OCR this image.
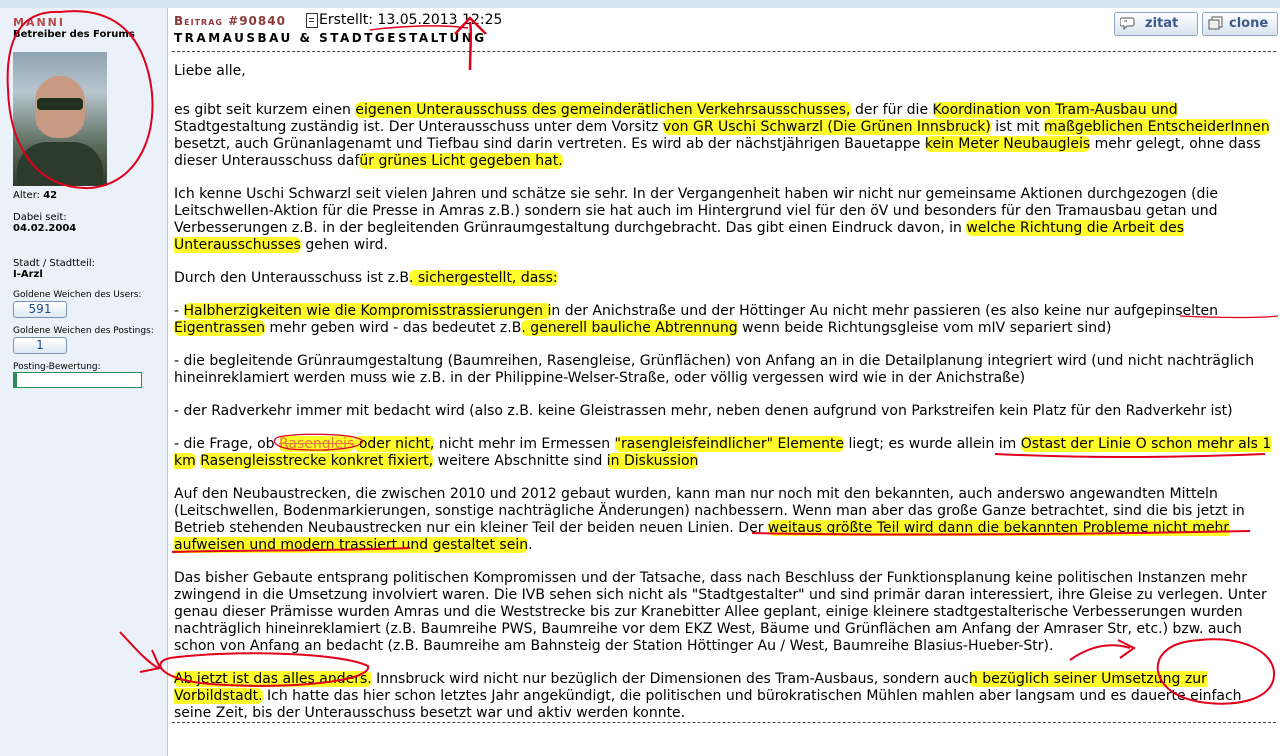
MANNI
Betreiber des Forums
Alter: 42
Dabei seit:
04.02.2004
Stadt / Stadtteil:
I-Arzl
Goldene Weichen des Users:
591
Goldene Weichen des Postings:
1
Posting-Bewertung:
Beitrag #90840 Erstellt: 13.05.2013 12:25
TRAMAUSBAU & STADTGESTALTUNG
" zitat	clone

Liebe alle,

es gibt seit kurzem einen eigenen Unterausschuss des gemeinderätlichen Verkehrsausschusses, der für die Koordination von Tram-Ausbau und Stadtgestaltung zuständig ist. Der Unterausschuss unter dem Vorsitz von GR Uschi Schwarzl (Die Grünen Innsbruck) ist mit maßgeblichen EntscheiderInnen besetzt, auch Grünanlagenamt und Tiefbau sind darin vertreten. Es wird ab der nächstjährigen Bauetappe kein Meter Neubaugleis mehr gelegt, ohne dass dieser Unterausschuss dafür grünes Licht gegeben hat.

Ich kenne Uschi Schwarzl seit vielen Jahren und schätze sie sehr. In der Vergangenheit haben wir nicht nur gemeinsame Aktionen durchgezogen (die Leitschwellen-Aktion für die Presse in Amras z.B.) sondern sie hat auch im Hintergrund viel für den öV und besonders für den Tramausbau getan und Verbesserungen z.B. in der begleitenden Grünraumgestaltung durchgebracht. Das gibt einen Eindruck davon, in welche Richtung die Arbeit des Unterausschusses gehen wird.

Durch den Unterausschuss ist z.B. sichergestellt, dass:

- Halbherzigkeiten wie die Kompromisstrassierungen in der Anichstraße und der Höttinger Au nicht mehr passieren (es also keine nur aufgepinselten Eigentrassen mehr geben wird - das bedeutet z.B. generell bauliche Abtrennung wenn beide Richtungsgleise vom mIV separiert sind)

- die begleitende Grünraumgestaltung (Baumreihen, Rasengleise, Grünflächen) von Anfang an in die Detailplanung integriert wird (und nicht nachträglich hineinreklamiert werden muss wie z.B. in der Philippine-Welser-Straße, oder völlig vergessen wird wie in der Anichstraße)

- der Radverkehr immer mit bedacht wird (also z.B. keine Gleistrassen mehr, neben denen aufgrund von Parkstreifen kein Platz für den Radverkehr ist)

- die Frage, ob Rasengleis oder nicht, nicht mehr im Ermessen "rasengleisfeindlicher" Elemente liegt; es wurde allein im Ostast der Linie O schon mehr als 1 km Rasengleisstrecke konkret fixiert, weitere Abschnitte sind in Diskussion

Auf den Neubaustrecken, die zwischen 2010 und 2012 gebaut wurden, kann man nur noch mit den bekannten, auch anderswo angewandten Mitteln (Leitschwellen, Bodenmarkierungen, sonstige nachträgliche Änderungen) nachbessern. Wenn man aber das große Ganze betrachtet, sind die bis jetzt in Betrieb stehenden Neubaustrecken nur ein kleiner Teil der beiden neuen Linien. Der weitaus größte Teil wird dann die bekannten Probleme nicht mehr aufweisen und modern trassiert und gestaltet sein.

Das bisher Gebaute entsprang politischen Kompromissen und der Tatsache, dass nach Beschluss der Funktionsplanung keine politischen Instanzen mehr zwingend in die Umsetzung involviert waren. Die IVB sehen sich nicht als "Stadtgestalter" und sind primär daran interessiert, ihre Gleise zu verlegen. Unter genau dieser Prämisse wurden Amras und die Weststrecke bis zur Kranebitter Allee geplant, einige kleinere stadtgestalterische Verbesserungen wurden nachträglich hineinreklamiert (z.B. Baumreihe PWS, Baumreihe vor dem EKZ West, Bäume und Grünflächen am Anfang der Amraser Str, etc.) bzw. auch schon von Anfang an bedacht (z.B. Baumreihe am Bahnsteig der Station Höttinger Au / West, Baumreihe Blasius-Hueber-Str).

Ab jetzt ist das alles anders. Innsbruck wird nicht nur bezüglich der Dimensionen des Tram-Ausbaus, sondern auch bezüglich seiner Umsetzung zur Vorbildstadt. Ich hatte das hier schon letztes Jahr angekündigt, die politischen und bürokratischen Mühlen mahlen aber langsam und es dauerte einfach seine Zeit, bis der Unterausschuss besetzt war und aktiv werden konnte.
